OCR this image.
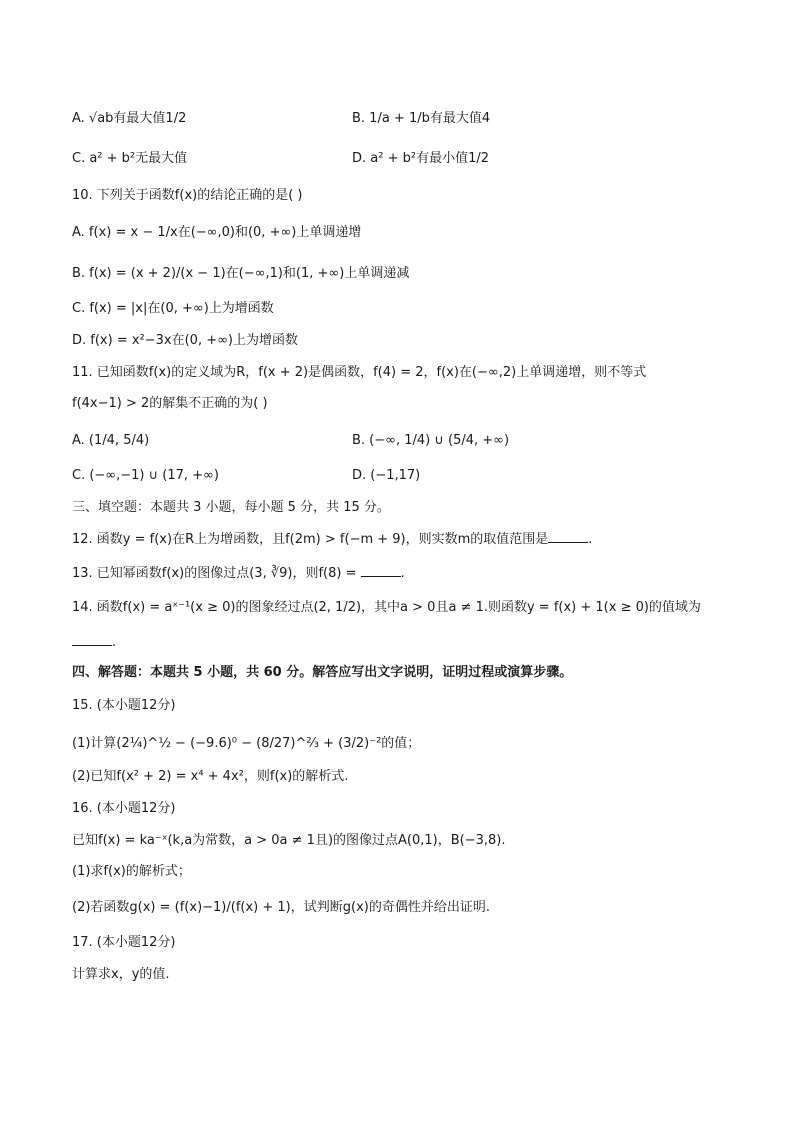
A. √ab有最大值1/2	B. 1/a + 1/b有最大值4
C. a² + b²无最大值	D. a² + b²有最小值1/2
10. 下列关于函数f(x)的结论正确的是( )
A. f(x) = x − 1/x在(−∞,0)和(0, +∞)上单调递增
B. f(x) = (x + 2)/(x − 1)在(−∞,1)和(1, +∞)上单调递减
C. f(x) = |x|在(0, +∞)上为增函数
D. f(x) = x²−3x在(0, +∞)上为增函数
11. 已知函数f(x)的定义域为R，f(x + 2)是偶函数，f(4) = 2，f(x)在(−∞,2)上单调递增，则不等式
f(4x−1) > 2的解集不正确的为( )
A. (1/4, 5/4)	B. (−∞, 1/4) ∪ (5/4, +∞)
C. (−∞,−1) ∪ (17, +∞)	D. (−1,17)
三、填空题：本题共 3 小题，每小题 5 分，共 15 分。
12. 函数y = f(x)在R上为增函数，且f(2m) > f(−m + 9)，则实数m的取值范围是	.
13. 已知幂函数f(x)的图像过点(3, ∛9)，则f(8) =	.
14. 函数f(x) = aˣ⁻¹(x ≥ 0)的图象经过点(2, 1/2)，其中a > 0且a ≠ 1.则函数y = f(x) + 1(x ≥ 0)的值域为
.
四、解答题：本题共 5 小题，共 60 分。解答应写出文字说明，证明过程或演算步骤。
15. (本小题12分)
(1)计算(2¼)^½ − (−9.6)⁰ − (8/27)^⅔ + (3/2)⁻²的值；
(2)已知f(x² + 2) = x⁴ + 4x²，则f(x)的解析式.
16. (本小题12分)
已知f(x) = ka⁻ˣ(k,a为常数，a > 0a ≠ 1且)的图像过点A(0,1)，B(−3,8).
(1)求f(x)的解析式；
(2)若函数g(x) = (f(x)−1)/(f(x) + 1)，试判断g(x)的奇偶性并给出证明.
17. (本小题12分)
计算求x，y的值.
